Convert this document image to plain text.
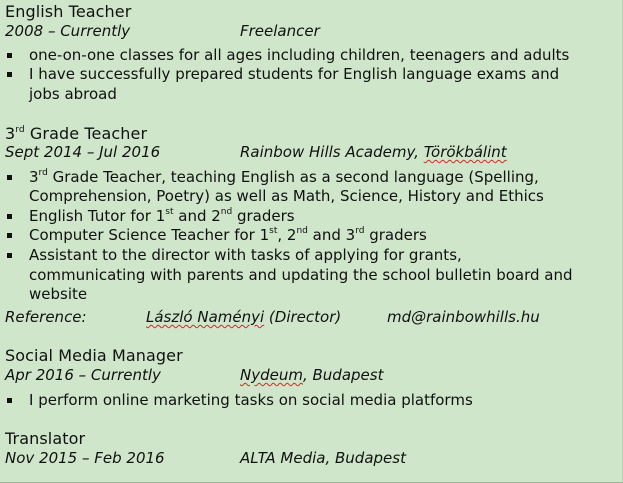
English Teacher
2008 – Currently	Freelancer
one-on-one classes for all ages including children, teenagers and adults
I have successfully prepared students for English language exams and
jobs abroad
3rd Grade Teacher
Sept 2014 – Jul 2016	Rainbow Hills Academy, Törökbálint
3rd Grade Teacher, teaching English as a second language (Spelling,
Comprehension, Poetry) as well as Math, Science, History and Ethics
English Tutor for 1st and 2nd graders
Computer Science Teacher for 1st, 2nd and 3rd graders
Assistant to the director with tasks of applying for grants,
communicating with parents and updating the school bulletin board and
website
Reference:	László Naményi (Director)	md@rainbowhills.hu
Social Media Manager
Apr 2016 – Currently	Nydeum, Budapest
I perform online marketing tasks on social media platforms
Translator
Nov 2015 – Feb 2016	ALTA Media, Budapest
